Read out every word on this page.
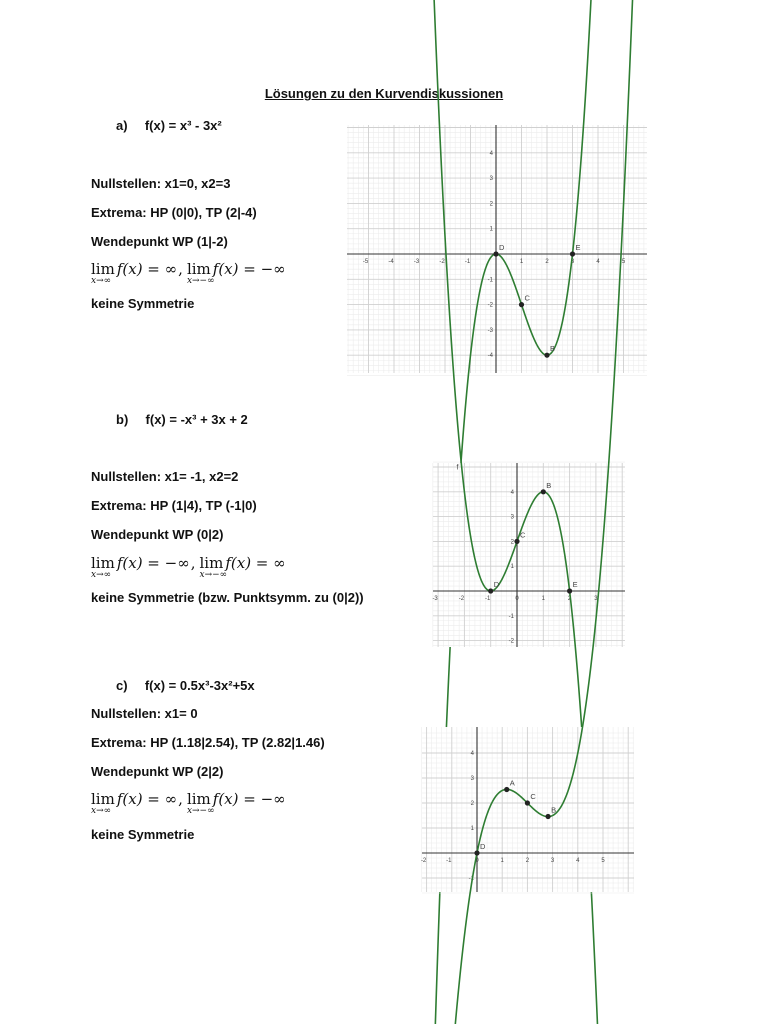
Lösungen zu den Kurvendiskussionen
a) f(x) = x³ - 3x²
Nullstellen: x1=0, x2=3
Extrema: HP (0|0), TP (2|-4)
Wendepunkt WP (1|-2)
lim
x→∞
f(x) = ∞, lim
x→−∞
f(x) = −∞
keine Symmetrie
-5	-4	-3	-2	-1	1	2	3	4	5
4
3
2
1
-1
-2
-3
-4
D
C
B
E
b) f(x) = -x³ + 3x + 2
Nullstellen: x1= -1, x2=2
Extrema: HP (1|4), TP (-1|0)
Wendepunkt WP (0|2)
lim
x→∞
f(x) = −∞, lim
x→−∞
f(x) = ∞
keine Symmetrie (bzw. Punktsymm. zu (0|2))	-3	-2	-1	0	1	2	3
4
3
2
1
-1
-2
f
D
C
B
E
c) f(x) = 0.5x³-3x²+5x
Nullstellen: x1= 0
Extrema: HP (1.18|2.54), TP (2.82|1.46)
Wendepunkt WP (2|2)
lim
x→∞
f(x) = ∞, lim
x→−∞
f(x) = −∞
keine Symmetrie
-2	-1	0	1	2	3	4	5
4
3
2
1
-1
D
A
C
B
